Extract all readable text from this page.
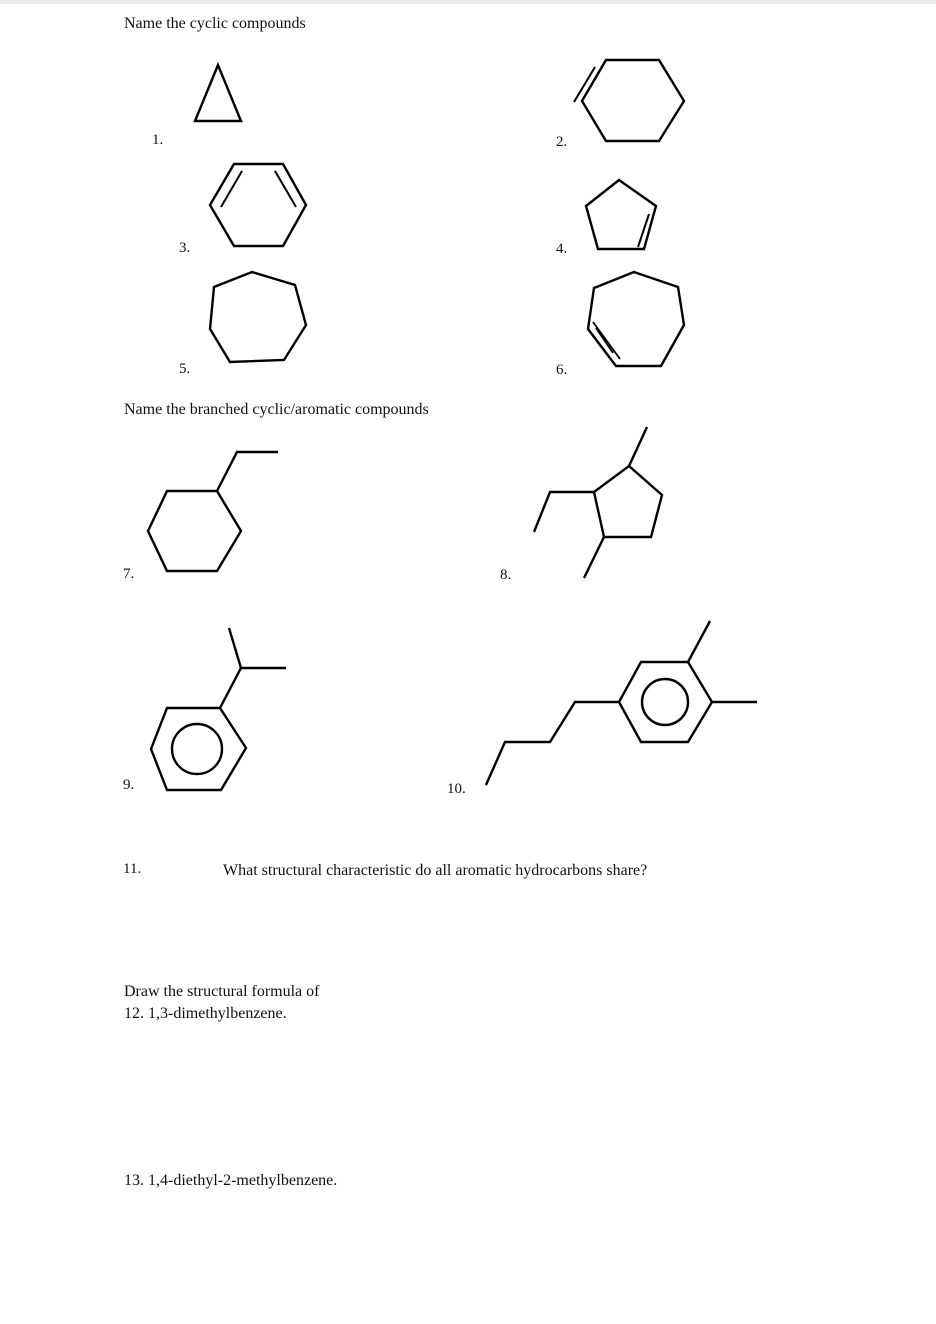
Name the cyclic compounds
Name the branched cyclic/aromatic compounds
Draw the structural formula of
1.	2.
3.	4.
5.	6.
7.	8.
9.	10.
11.	What structural characteristic do all aromatic hydrocarbons share?
12. 1,3-dimethylbenzene.
13. 1,4-diethyl-2-methylbenzene.
